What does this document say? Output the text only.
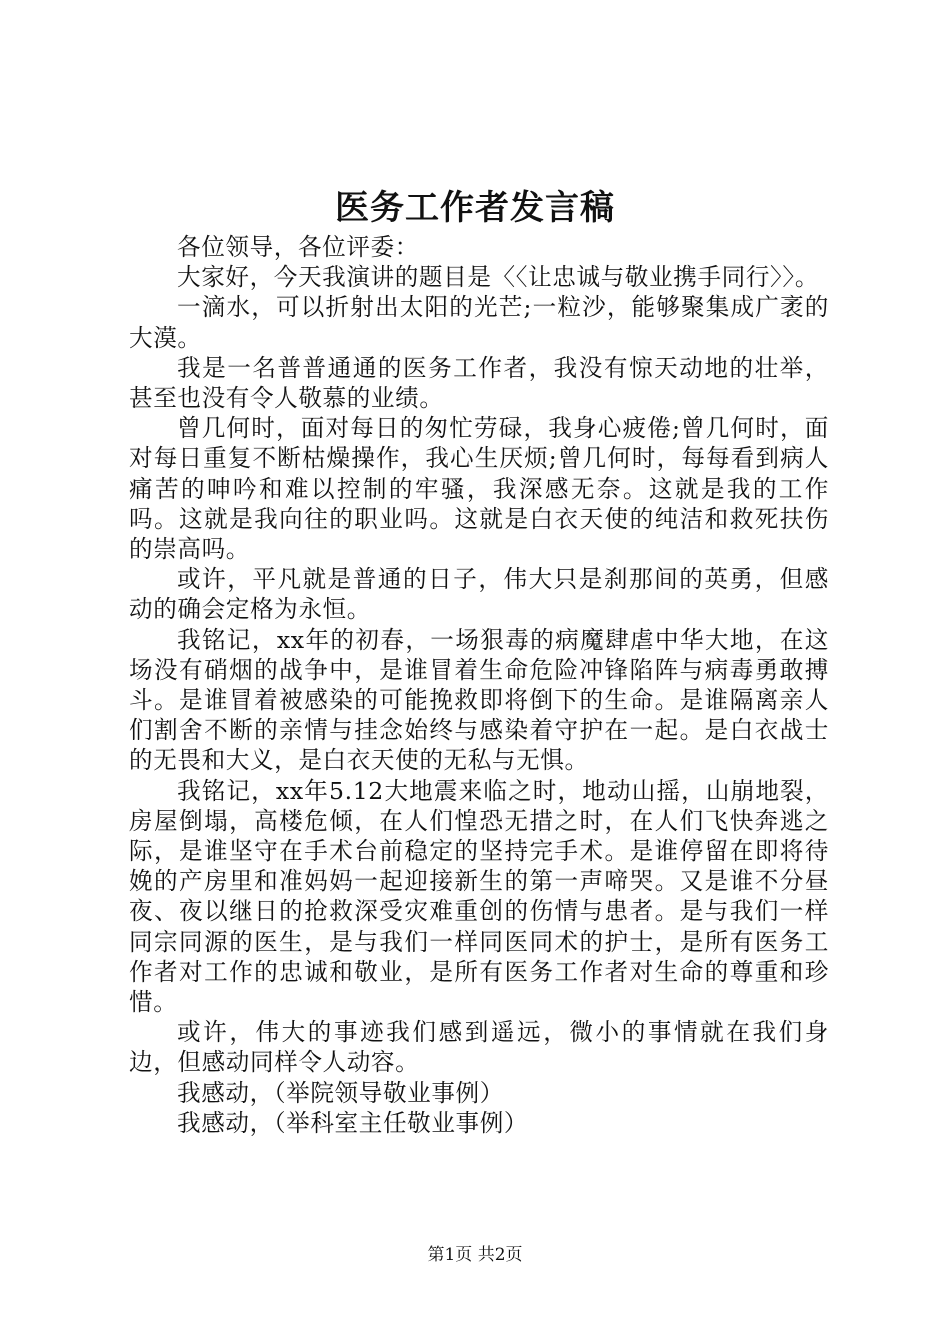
医务工作者发言稿

各位领导，各位评委：

大家好，今天我演讲的题目是〈〈让忠诚与敬业携手同行〉〉。

一滴水，可以折射出太阳的光芒;一粒沙，能够聚集成广袤的大漠。

我是一名普普通通的医务工作者，我没有惊天动地的壮举，甚至也没有令人敬慕的业绩。

曾几何时，面对每日的匆忙劳碌，我身心疲倦;曾几何时，面对每日重复不断枯燥操作，我心生厌烦;曾几何时，每每看到病人痛苦的呻吟和难以控制的牢骚，我深感无奈。这就是我的工作吗。这就是我向往的职业吗。这就是白衣天使的纯洁和救死扶伤的崇高吗。

或许，平凡就是普通的日子，伟大只是刹那间的英勇，但感动的确会定格为永恒。

我铭记，xx年的初春，一场狠毒的病魔肆虐中华大地，在这场没有硝烟的战争中，是谁冒着生命危险冲锋陷阵与病毒勇敢搏斗。是谁冒着被感染的可能挽救即将倒下的生命。是谁隔离亲人们割舍不断的亲情与挂念始终与感染着守护在一起。是白衣战士的无畏和大义，是白衣天使的无私与无惧。

我铭记，xx年5.12大地震来临之时，地动山摇，山崩地裂，房屋倒塌，高楼危倾，在人们惶恐无措之时，在人们飞快奔逃之际，是谁坚守在手术台前稳定的坚持完手术。是谁停留在即将待娩的产房里和准妈妈一起迎接新生的第一声啼哭。又是谁不分昼夜、夜以继日的抢救深受灾难重创的伤情与患者。是与我们一样同宗同源的医生，是与我们一样同医同术的护士，是所有医务工作者对工作的忠诚和敬业，是所有医务工作者对生命的尊重和珍惜。

或许，伟大的事迹我们感到遥远，微小的事情就在我们身边，但感动同样令人动容。

我感动，（举院领导敬业事例）

我感动，（举科室主任敬业事例）

第1页 共2页
